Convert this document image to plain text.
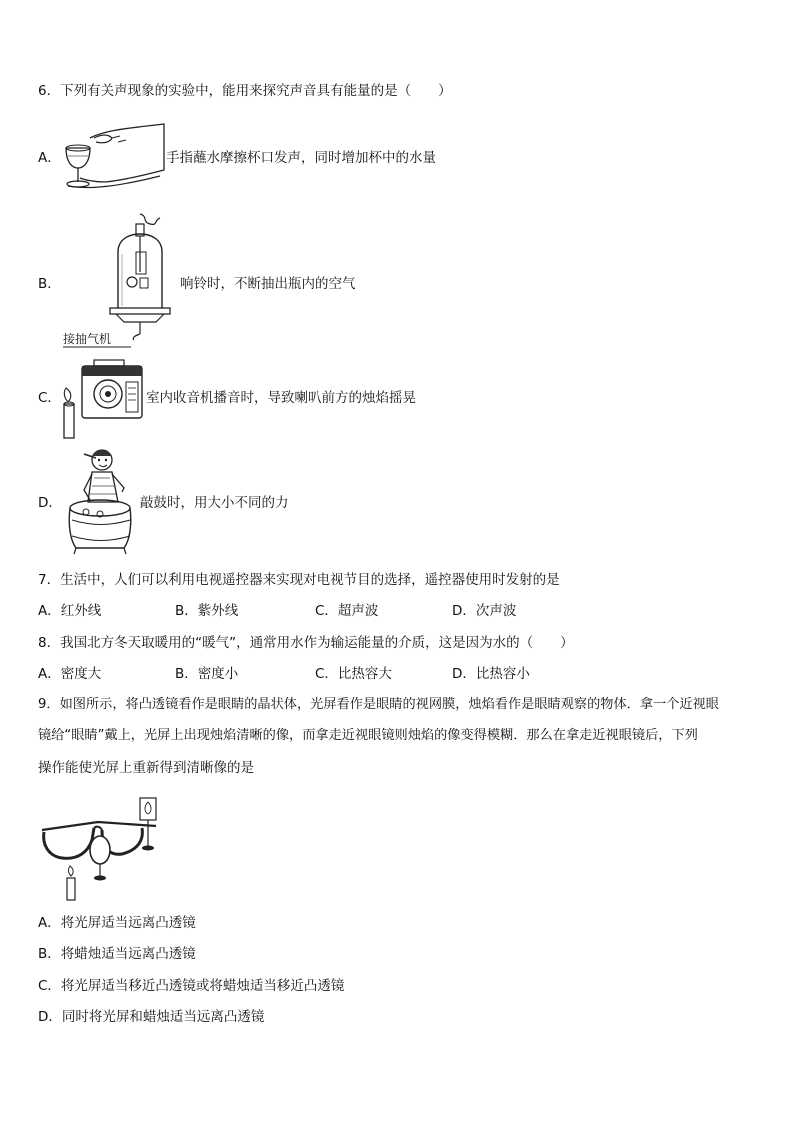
6．下列有关声现象的实验中，能用来探究声音具有能量的是（　　）
A．	手指蘸水摩擦杯口发声，同时增加杯中的水量
B．	响铃时，不断抽出瓶内的空气
接抽气机
C．	室内收音机播音时，导致喇叭前方的烛焰摇晃
D．	敲鼓时，用大小不同的力
7．生活中，人们可以利用电视遥控器来实现对电视节目的选择，遥控器使用时发射的是
A．红外线	B．紫外线	C．超声波	D．次声波
8．我国北方冬天取暖用的“暖气”，通常用水作为输运能量的介质，这是因为水的（　　）
A．密度大	B．密度小	C．比热容大	D．比热容小
9．如图所示，将凸透镜看作是眼睛的晶状体，光屏看作是眼睛的视网膜，烛焰看作是眼睛观察的物体．拿一个近视眼
镜给“眼睛”戴上，光屏上出现烛焰清晰的像，而拿走近视眼镜则烛焰的像变得模糊．那么在拿走近视眼镜后，下列
操作能使光屏上重新得到清晰像的是
A．将光屏适当远离凸透镜
B．将蜡烛适当远离凸透镜
C．将光屏适当移近凸透镜或将蜡烛适当移近凸透镜
D．同时将光屏和蜡烛适当远离凸透镜
